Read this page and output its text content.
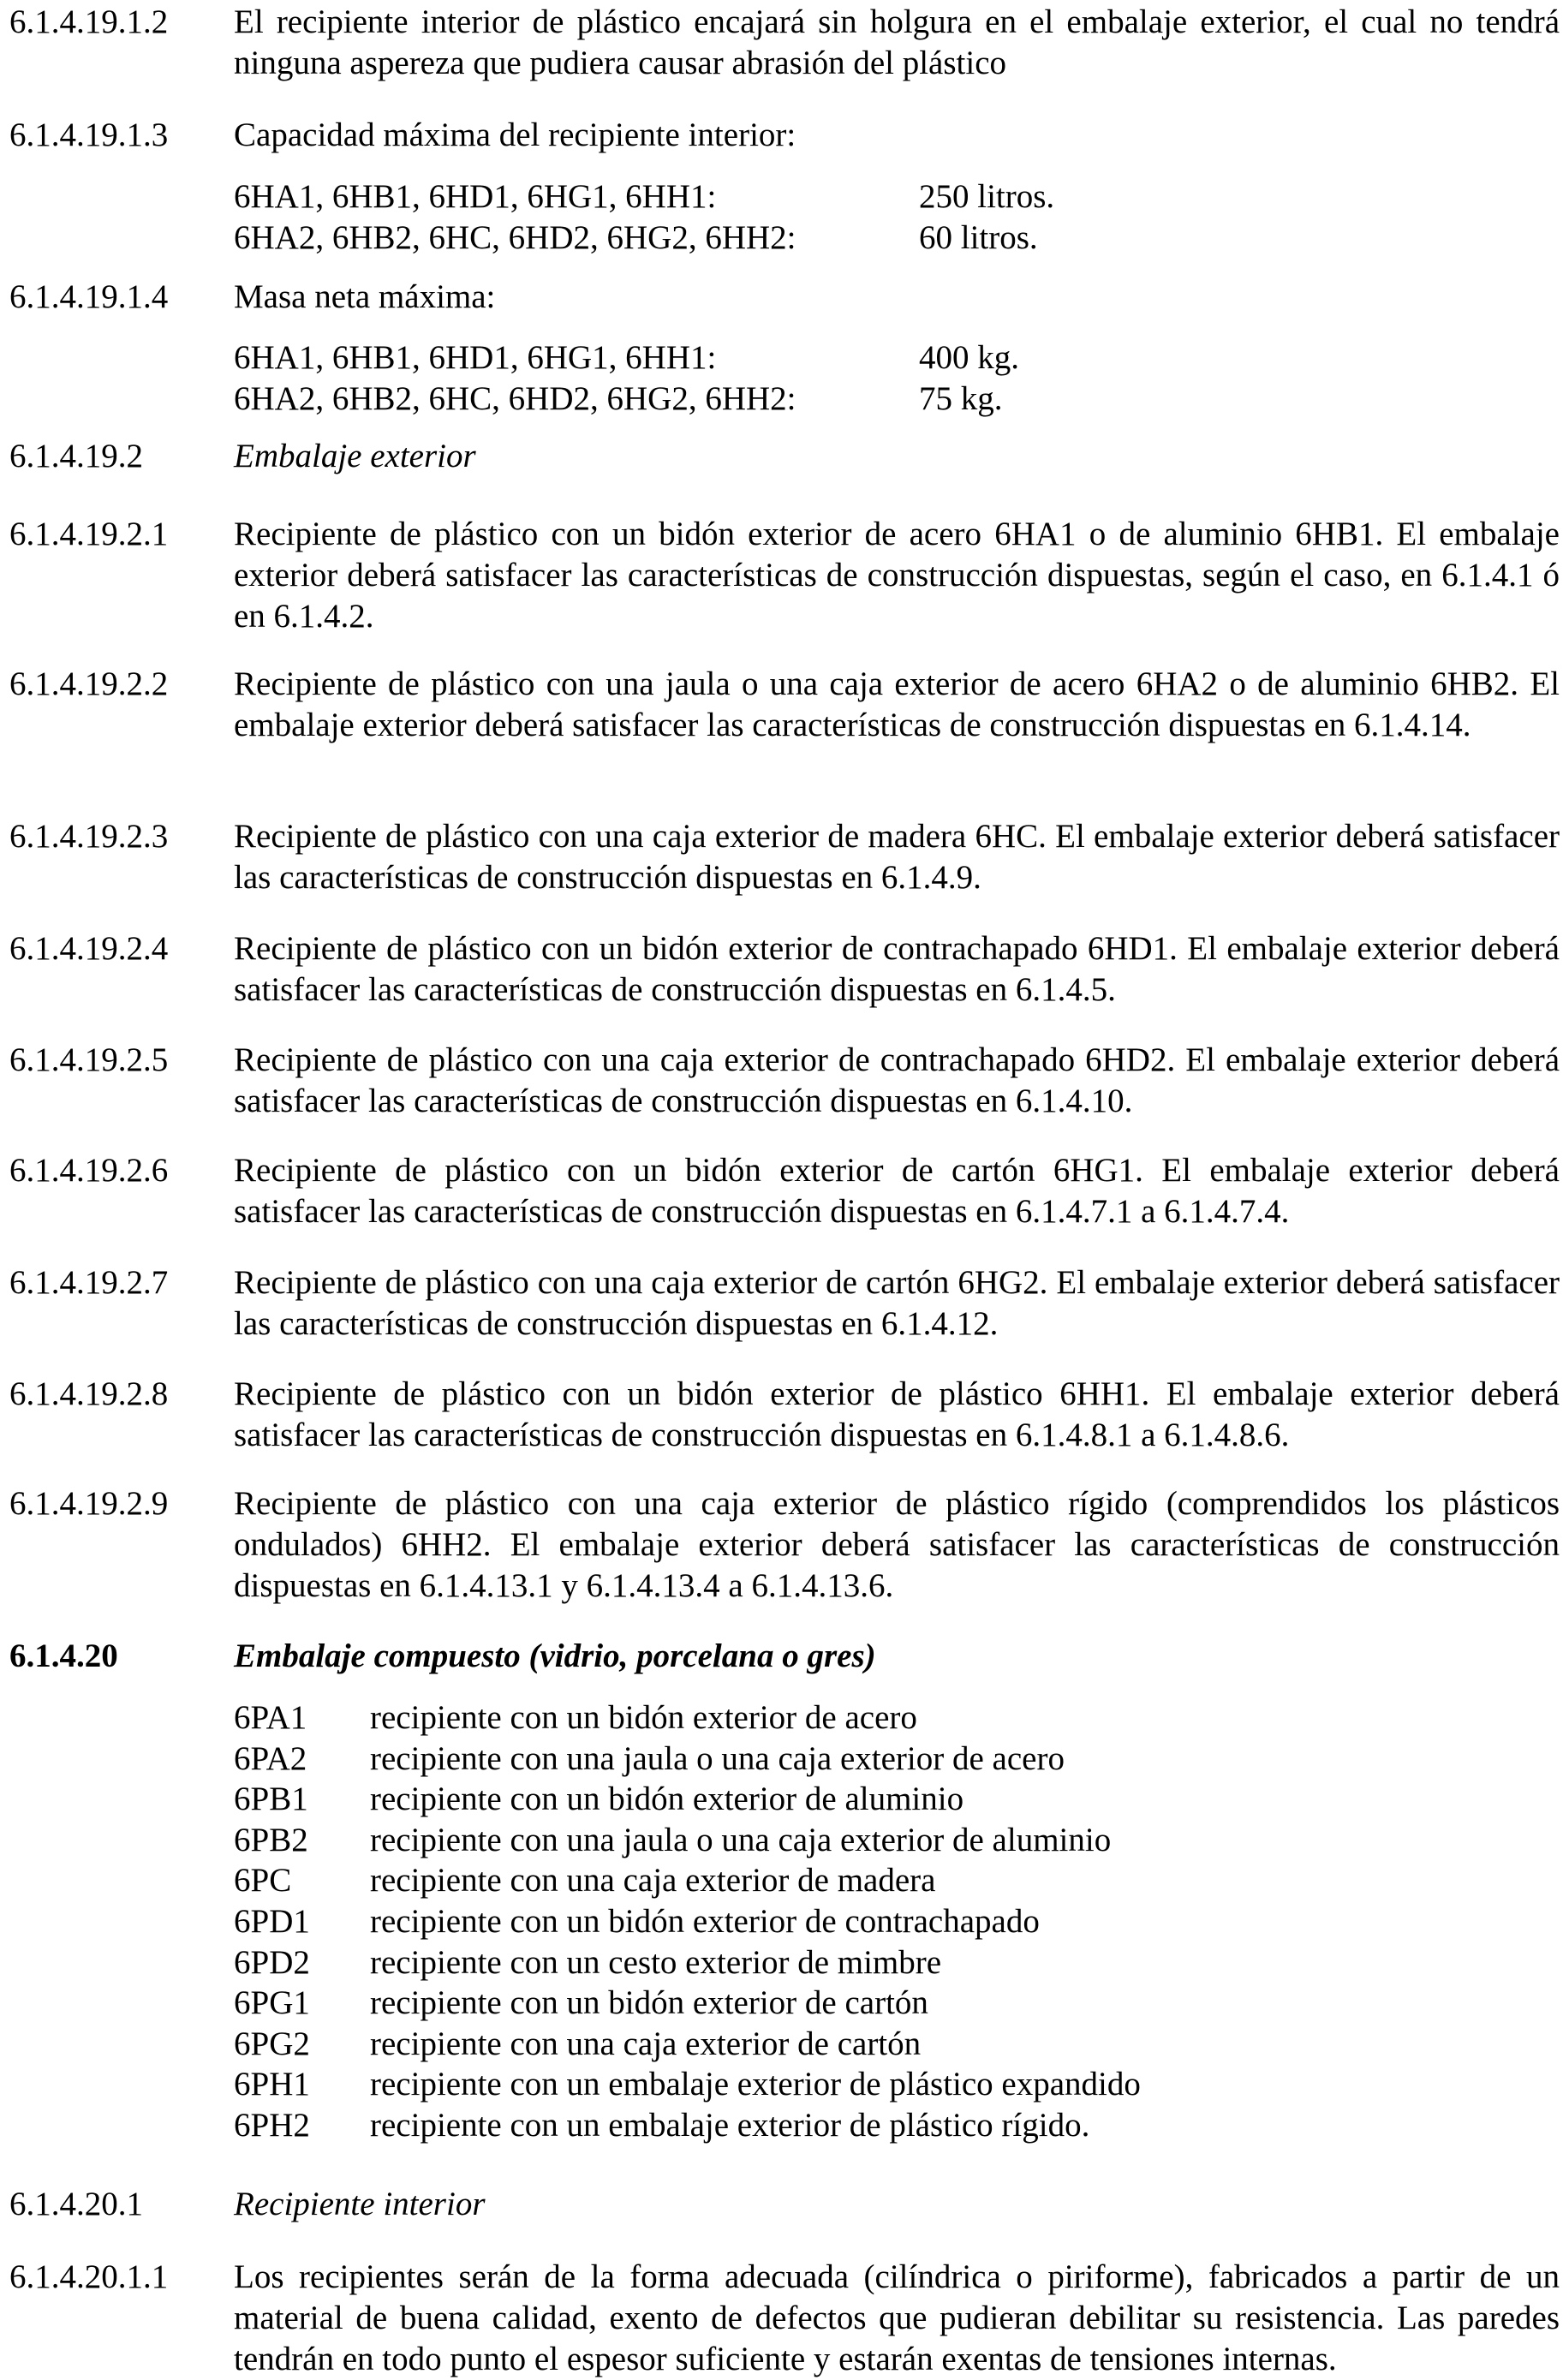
6.1.4.19.1.2 El recipiente interior de plástico encajará sin holgura en el embalaje exterior, el cual no tendrá ninguna aspereza que pudiera causar abrasión del plástico
6.1.4.19.1.3 Capacidad máxima del recipiente interior:
6HA1, 6HB1, 6HD1, 6HG1, 6HH1:	250 litros.
6HA2, 6HB2, 6HC, 6HD2, 6HG2, 6HH2:	60 litros.
6.1.4.19.1.4 Masa neta máxima:
6HA1, 6HB1, 6HD1, 6HG1, 6HH1:	400 kg.
6HA2, 6HB2, 6HC, 6HD2, 6HG2, 6HH2:	75 kg.
6.1.4.19.2	Embalaje exterior
6.1.4.19.2.1 Recipiente de plástico con un bidón exterior de acero 6HA1 o de aluminio 6HB1. El embalaje exterior deberá satisfacer las características de construcción dispuestas, según el caso, en 6.1.4.1 ó en 6.1.4.2.
6.1.4.19.2.2 Recipiente de plástico con una jaula o una caja exterior de acero 6HA2 o de aluminio 6HB2. El embalaje exterior deberá satisfacer las características de construcción dispuestas en 6.1.4.14.
6.1.4.19.2.3 Recipiente de plástico con una caja exterior de madera 6HC. El embalaje exterior deberá satisfacer las características de construcción dispuestas en 6.1.4.9.
6.1.4.19.2.4 Recipiente de plástico con un bidón exterior de contrachapado 6HD1. El embalaje exterior deberá satisfacer las características de construcción dispuestas en 6.1.4.5.
6.1.4.19.2.5 Recipiente de plástico con una caja exterior de contrachapado 6HD2. El embalaje exterior deberá satisfacer las características de construcción dispuestas en 6.1.4.10.
6.1.4.19.2.6 Recipiente de plástico con un bidón exterior de cartón 6HG1. El embalaje exterior deberá satisfacer las características de construcción dispuestas en 6.1.4.7.1 a 6.1.4.7.4.
6.1.4.19.2.7 Recipiente de plástico con una caja exterior de cartón 6HG2. El embalaje exterior deberá satisfacer las características de construcción dispuestas en 6.1.4.12.
6.1.4.19.2.8 Recipiente de plástico con un bidón exterior de plástico 6HH1. El embalaje exterior deberá satisfacer las características de construcción dispuestas en 6.1.4.8.1 a 6.1.4.8.6.
6.1.4.19.2.9 Recipiente de plástico con una caja exterior de plástico rígido (comprendidos los plásticos ondulados) 6HH2. El embalaje exterior deberá satisfacer las características de construcción dispuestas en 6.1.4.13.1 y 6.1.4.13.4 a 6.1.4.13.6.
6.1.4.20	Embalaje compuesto (vidrio, porcelana o gres)
6PA1 recipiente con un bidón exterior de acero
6PA2 recipiente con una jaula o una caja exterior de acero
6PB1 recipiente con un bidón exterior de aluminio
6PB2 recipiente con una jaula o una caja exterior de aluminio
6PC recipiente con una caja exterior de madera
6PD1 recipiente con un bidón exterior de contrachapado
6PD2 recipiente con un cesto exterior de mimbre
6PG1 recipiente con un bidón exterior de cartón
6PG2 recipiente con una caja exterior de cartón
6PH1 recipiente con un embalaje exterior de plástico expandido
6PH2 recipiente con un embalaje exterior de plástico rígido.
6.1.4.20.1	Recipiente interior
6.1.4.20.1.1 Los recipientes serán de la forma adecuada (cilíndrica o piriforme), fabricados a partir de un material de buena calidad, exento de defectos que pudieran debilitar su resistencia. Las paredes tendrán en todo punto el espesor suficiente y estarán exentas de tensiones internas.
